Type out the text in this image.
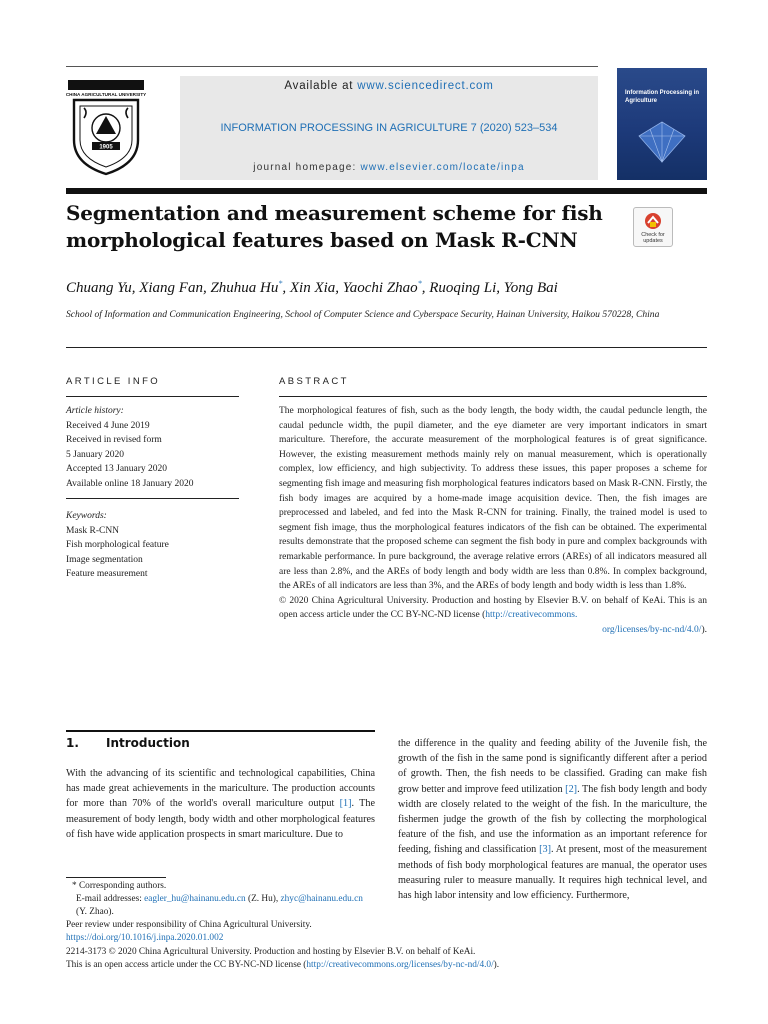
CHINA AGRICULTURAL UNIVERSITY
1905
Available at www.sciencedirect.com
INFORMATION PROCESSING IN AGRICULTURE 7 (2020) 523–534
journal homepage: www.elsevier.com/locate/inpa
Information Processing in Agriculture
Segmentation and measurement scheme for fish morphological features based on Mask R-CNN	Check for updates
Chuang Yu, Xiang Fan, Zhuhua Hu*, Xin Xia, Yaochi Zhao*, Ruoqing Li, Yong Bai
School of Information and Communication Engineering, School of Computer Science and Cyberspace Security, Hainan University, Haikou 570228, China
ARTICLE INFO	ABSTRACT
Article history:
Received 4 June 2019
Received in revised form
5 January 2020
Accepted 13 January 2020
Available online 18 January 2020
Keywords:
Mask R-CNN
Fish morphological feature
Image segmentation
Feature measurement

The morphological features of fish, such as the body length, the body width, the caudal peduncle length, the caudal peduncle width, the pupil diameter, and the eye diameter are very important indicators in smart mariculture. Therefore, the accurate measurement of the morphological features is of great significance. However, the existing measurement methods mainly rely on manual measurement, which is operationally complex, low efficiency, and high subjectivity. To address these issues, this paper proposes a scheme for segmenting fish image and measuring fish morphological features indicators based on Mask R-CNN. Firstly, the fish body images are acquired by a home-made image acquisition device. Then, the fish images are preprocessed and labeled, and fed into the Mask R-CNN for training. Finally, the trained model is used to segment fish image, thus the morphological features indicators of the fish can be obtained. The experimental results demonstrate that the proposed scheme can segment the fish body in pure and complex backgrounds with remarkable performance. In pure background, the average relative errors (AREs) of all indicators measured all are less than 2.8%, and the AREs of body length and body width are less than 0.8%. In complex background, the AREs of all indicators are less than 3%, and the AREs of body length and body width is less than 1.8%.

© 2020 China Agricultural University. Production and hosting by Elsevier B.V. on behalf of KeAi. This is an open access article under the CC BY-NC-ND license (http://creativecommons.
org/licenses/by-nc-nd/4.0/).

1. Introduction

With the advancing of its scientific and technological capabilities, China has made great achievements in the mariculture. The production accounts for more than 70% of the world's overall mariculture output [1]. The measurement of body length, body width and other morphological features of fish have wide application prospects in smart mariculture. Due to

the difference in the quality and feeding ability of the Juvenile fish, the growth of the fish in the same pond is significantly different after a period of growth. Then, the fish needs to be classified. Grading can make fish grow better and improve feed utilization [2]. The fish body length and body width are closely related to the weight of the fish. In the mariculture, the fishermen judge the growth of the fish by collecting the morphological feature of the fish, and use the information as an important reference for feeding, fishing and classification [3]. At present, most of the measurement methods of fish body morphological features are manual, the operator uses measuring ruler to measure manually. It requires high technical level, and has high labor intensity and low efficiency. Furthermore,

* Corresponding authors.
E-mail addresses: eagler_hu@hainanu.edu.cn (Z. Hu), zhyc@hainanu.edu.cn (Y. Zhao).
Peer review under responsibility of China Agricultural University.
https://doi.org/10.1016/j.inpa.2020.01.002
2214-3173 © 2020 China Agricultural University. Production and hosting by Elsevier B.V. on behalf of KeAi.
This is an open access article under the CC BY-NC-ND license (http://creativecommons.org/licenses/by-nc-nd/4.0/).
